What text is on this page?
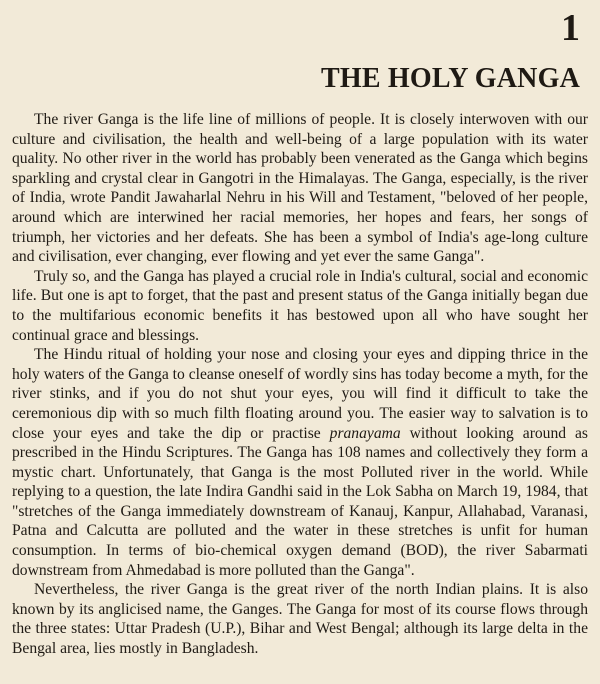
1
THE HOLY GANGA

The river Ganga is the life line of millions of people. It is closely interwoven with our culture and civilisation, the health and well-being of a large population with its water quality. No other river in the world has probably been venerated as the Ganga which begins sparkling and crystal clear in Gangotri in the Himalayas. The Ganga, especially, is the river of India, wrote Pandit Jawaharlal Nehru in his Will and Testament, "beloved of her people, around which are interwined her racial memories, her hopes and fears, her songs of triumph, her victories and her defeats. She has been a symbol of India's age-long culture and civilisation, ever changing, ever flowing and yet ever the same Ganga".

Truly so, and the Ganga has played a crucial role in India's cultural, social and economic life. But one is apt to forget, that the past and present status of the Ganga initially began due to the multifarious economic benefits it has bestowed upon all who have sought her continual grace and blessings.

The Hindu ritual of holding your nose and closing your eyes and dipping thrice in the holy waters of the Ganga to cleanse oneself of wordly sins has today become a myth, for the river stinks, and if you do not shut your eyes, you will find it difficult to take the ceremonious dip with so much filth floating around you. The easier way to salvation is to close your eyes and take the dip or practise pranayama without looking around as prescribed in the Hindu Scriptures. The Ganga has 108 names and collectively they form a mystic chart. Unfortunately, that Ganga is the most Polluted river in the world. While replying to a question, the late Indira Gandhi said in the Lok Sabha on March 19, 1984, that "stretches of the Ganga immediately downstream of Kanauj, Kanpur, Allahabad, Varanasi, Patna and Calcutta are polluted and the water in these stretches is unfit for human consumption. In terms of bio-chemical oxygen demand (BOD), the river Sabarmati downstream from Ahmedabad is more polluted than the Ganga".

Nevertheless, the river Ganga is the great river of the north Indian plains. It is also known by its anglicised name, the Ganges. The Ganga for most of its course flows through the three states: Uttar Pradesh (U.P.), Bihar and West Bengal; although its large delta in the Bengal area, lies mostly in Bangladesh.
